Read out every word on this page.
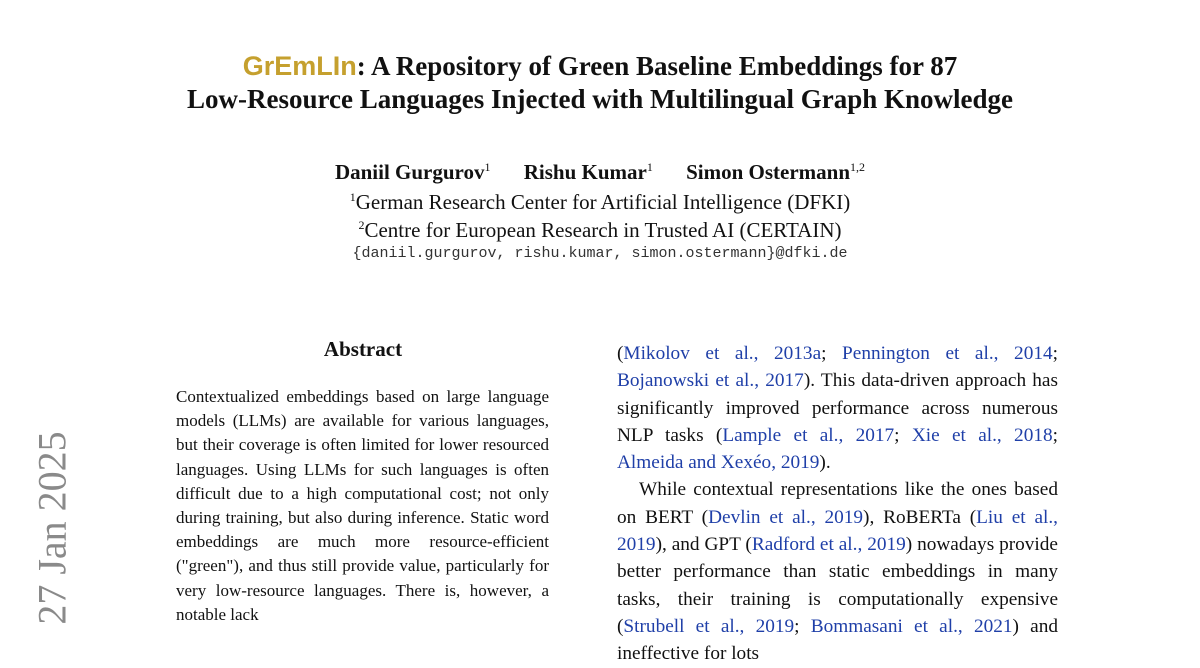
GrEmLIn: A Repository of Green Baseline Embeddings for 87
Low-Resource Languages Injected with Multilingual Graph Knowledge
Daniil Gurgurov$^1$ Rishu Kumar$^1$ Simon Ostermann$^{1,2}$
$^1$German Research Center for Artificial Intelligence (DFKI)
$^2$Centre for European Research in Trusted AI (CERTAIN)
{daniil.gurgurov, rishu.kumar, simon.ostermann}@dfki.de
27 Jan 2025
Abstract
Contextualized embeddings based on large language models (LLMs) are available for various languages, but their coverage is often limited for lower resourced languages. Using LLMs for such languages is often difficult due to a high computational cost; not only during training, but also during inference. Static word embeddings are much more resource-efficient ("green"), and thus still provide value, particularly for very low-resource languages. There is, however, a notable lack

(Mikolov et al., 2013a; Pennington et al., 2014; Bojanowski et al., 2017). This data-driven approach has significantly improved performance across numerous NLP tasks (Lample et al., 2017; Xie et al., 2018; Almeida and Xexéo, 2019).

While contextual representations like the ones based on BERT (Devlin et al., 2019), RoBERTa (Liu et al., 2019), and GPT (Radford et al., 2019) nowadays provide better performance than static embeddings in many tasks, their training is computationally expensive (Strubell et al., 2019; Bommasani et al., 2021) and ineffective for lots
